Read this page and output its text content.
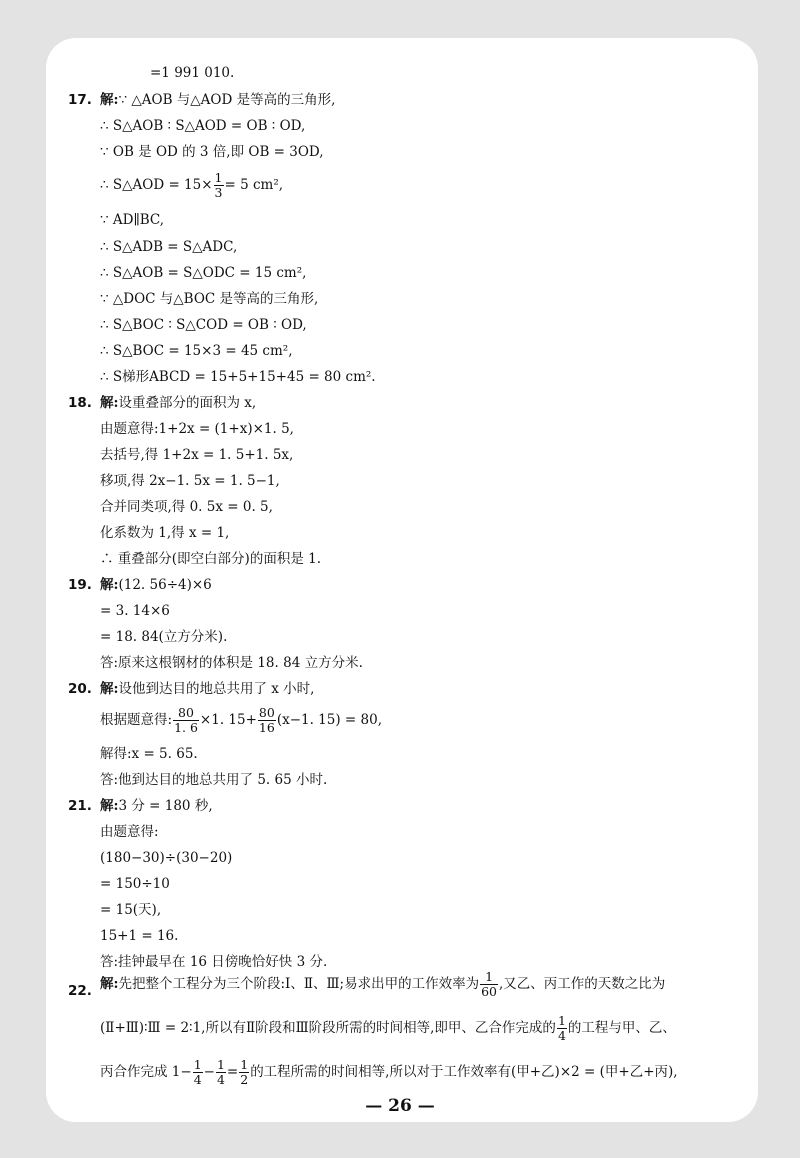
=1 991 010.
17. 解:∵ △AOB 与△AOD 是等高的三角形,
∴ S△AOB ∶ S△AOD = OB ∶ OD,
∵ OB 是 OD 的 3 倍,即 OB = 3OD,
∴ S△AOD = $15\times \frac{1}{3} = 5$ cm²,
∵ AD∥BC,
∴ S△ADB = S△ADC,
∴ S△AOB = S△ODC = 15 cm²,
∵ △DOC 与△BOC 是等高的三角形,
∴ S△BOC ∶ S△COD = OB ∶ OD,
∴ S△BOC = 15×3 = 45 cm²,
∴ S梯形ABCD = 15+5+15+45 = 80 cm².
18. 解:设重叠部分的面积为 x,
由题意得:1+2x = (1+x)×1. 5,
去括号,得 1+2x = 1. 5+1. 5x,
移项,得 2x−1. 5x = 1. 5−1,
合并同类项,得 0. 5x = 0. 5,
化系数为 1,得 x = 1,
∴ 重叠部分(即空白部分)的面积是 1.
19. 解:(12. 56÷4)×6
= 3. 14×6
= 18. 84(立方分米).
答:原来这根钢材的体积是 18. 84 立方分米.
20. 解:设他到达目的地总共用了 x 小时,
根据题意得: $\frac{80}{1. 6} \times 1$. $15+ \frac{80}{16} (x-1$. 15) = 80,
解得:x = 5. 65.
答:他到达目的地总共用了 5. 65 小时.
21. 解:3 分 = 180 秒,
由题意得:
(180−30)÷(30−20)
= 150÷10
= 15(天),
15+1 = 16.
答:挂钟最早在 16 日傍晚恰好快 3 分.
22. 解:先把整个工程分为三个阶段:Ⅰ、Ⅱ、Ⅲ;易求出甲的工作效率为 $\frac{1}{60}$ ,又乙、丙工作的天数之比为
(Ⅱ+Ⅲ)∶Ⅲ = 2∶1,所以有Ⅱ阶段和Ⅲ阶段所需的时间相等,即甲、乙合作完成的 $\frac{1}{4}$ 的工程与甲、乙、
丙合作完成 $1- \frac{1}{4} - \frac{1}{4} = \frac{1}{2}$ 的工程所需的时间相等,所以对于工作效率有(甲+乙)×2 = (甲+乙+丙),
— 26 —
